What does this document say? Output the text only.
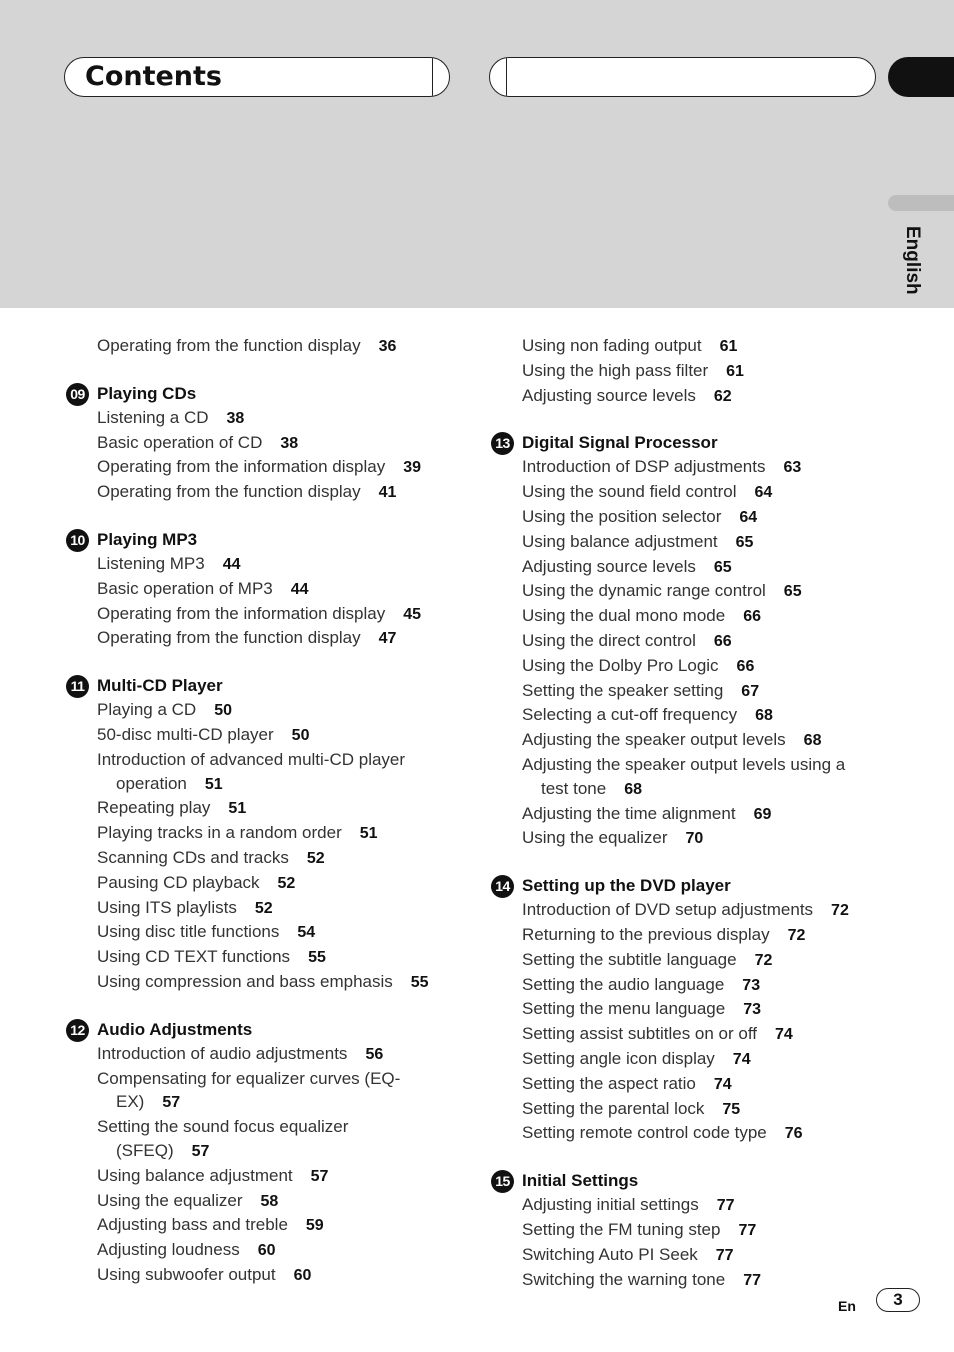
Contents
English
Operating from the function display 36
09 Playing CDs
Listening a CD 38
Basic operation of CD 38
Operating from the information display 39
Operating from the function display 41
10 Playing MP3
Listening MP3 44
Basic operation of MP3 44
Operating from the information display 45
Operating from the function display 47
11 Multi-CD Player
Playing a CD 50
50-disc multi-CD player 50
Introduction of advanced multi-CD player
operation 51
Repeating play 51
Playing tracks in a random order 51
Scanning CDs and tracks 52
Pausing CD playback 52
Using ITS playlists 52
Using disc title functions 54
Using CD TEXT functions 55
Using compression and bass emphasis 55
12 Audio Adjustments
Introduction of audio adjustments 56
Compensating for equalizer curves (EQ-
EX) 57
Setting the sound focus equalizer
(SFEQ) 57
Using balance adjustment 57
Using the equalizer 58
Adjusting bass and treble 59
Adjusting loudness 60
Using subwoofer output 60
Using non fading output 61
Using the high pass filter 61
Adjusting source levels 62
13 Digital Signal Processor
Introduction of DSP adjustments 63
Using the sound field control 64
Using the position selector 64
Using balance adjustment 65
Adjusting source levels 65
Using the dynamic range control 65
Using the dual mono mode 66
Using the direct control 66
Using the Dolby Pro Logic 66
Setting the speaker setting 67
Selecting a cut-off frequency 68
Adjusting the speaker output levels 68
Adjusting the speaker output levels using a
test tone 68
Adjusting the time alignment 69
Using the equalizer 70
14 Setting up the DVD player
Introduction of DVD setup adjustments 72
Returning to the previous display 72
Setting the subtitle language 72
Setting the audio language 73
Setting the menu language 73
Setting assist subtitles on or off 74
Setting angle icon display 74
Setting the aspect ratio 74
Setting the parental lock 75
Setting remote control code type 76
15 Initial Settings
Adjusting initial settings 77
Setting the FM tuning step 77
Switching Auto PI Seek 77
Switching the warning tone 77
En	3
